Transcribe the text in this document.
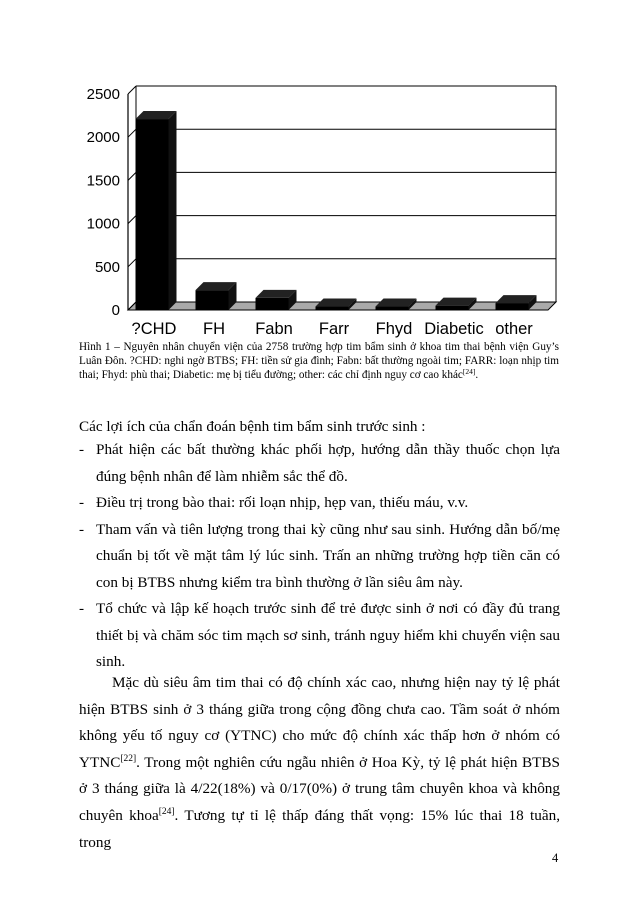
0
500
1000
1500
2000
2500
?CHD FH Fabn Farr Fhyd Diabetic other
Hình 1 – Nguyên nhân chuyển viện của 2758 trường hợp tim bẩm sinh ở khoa tim thai bệnh viện Guy’s Luân Đôn. ?CHD: nghi ngờ BTBS; FH: tiền sử gia đình; Fabn: bất thường ngoài tim; FARR: loạn nhịp tim thai; Fhyd: phù thai; Diabetic: mẹ bị tiểu đường; other: các chỉ định nguy cơ cao khác[24].
Các lợi ích của chẩn đoán bệnh tim bẩm sinh trước sinh :
- Phát hiện các bất thường khác phối hợp, hướng dẫn thầy thuốc chọn lựa đúng bệnh nhân để làm nhiễm sắc thể đồ.
- Điều trị trong bào thai: rối loạn nhịp, hẹp van, thiếu máu, v.v.
- Tham vấn và tiên lượng trong thai kỳ cũng như sau sinh. Hướng dẫn bố/mẹ chuẩn bị tốt về mặt tâm lý lúc sinh. Trấn an những trường hợp tiền căn có con bị BTBS nhưng kiểm tra bình thường ở lần siêu âm này.
- Tổ chức và lập kế hoạch trước sinh để trẻ được sinh ở nơi có đầy đủ trang thiết bị và chăm sóc tim mạch sơ sinh, tránh nguy hiểm khi chuyển viện sau sinh.

Mặc dù siêu âm tim thai có độ chính xác cao, nhưng hiện nay tỷ lệ phát hiện BTBS sinh ở 3 tháng giữa trong cộng đồng chưa cao. Tầm soát ở nhóm không yếu tố nguy cơ (YTNC) cho mức độ chính xác thấp hơn ở nhóm có YTNC[22]. Trong một nghiên cứu ngẫu nhiên ở Hoa Kỳ, tỷ lệ phát hiện BTBS ở 3 tháng giữa là 4/22(18%) và 0/17(0%) ở trung tâm chuyên khoa và không chuyên khoa[24]. Tương tự tỉ lệ thấp đáng thất vọng: 15% lúc thai 18 tuần, trong

4
